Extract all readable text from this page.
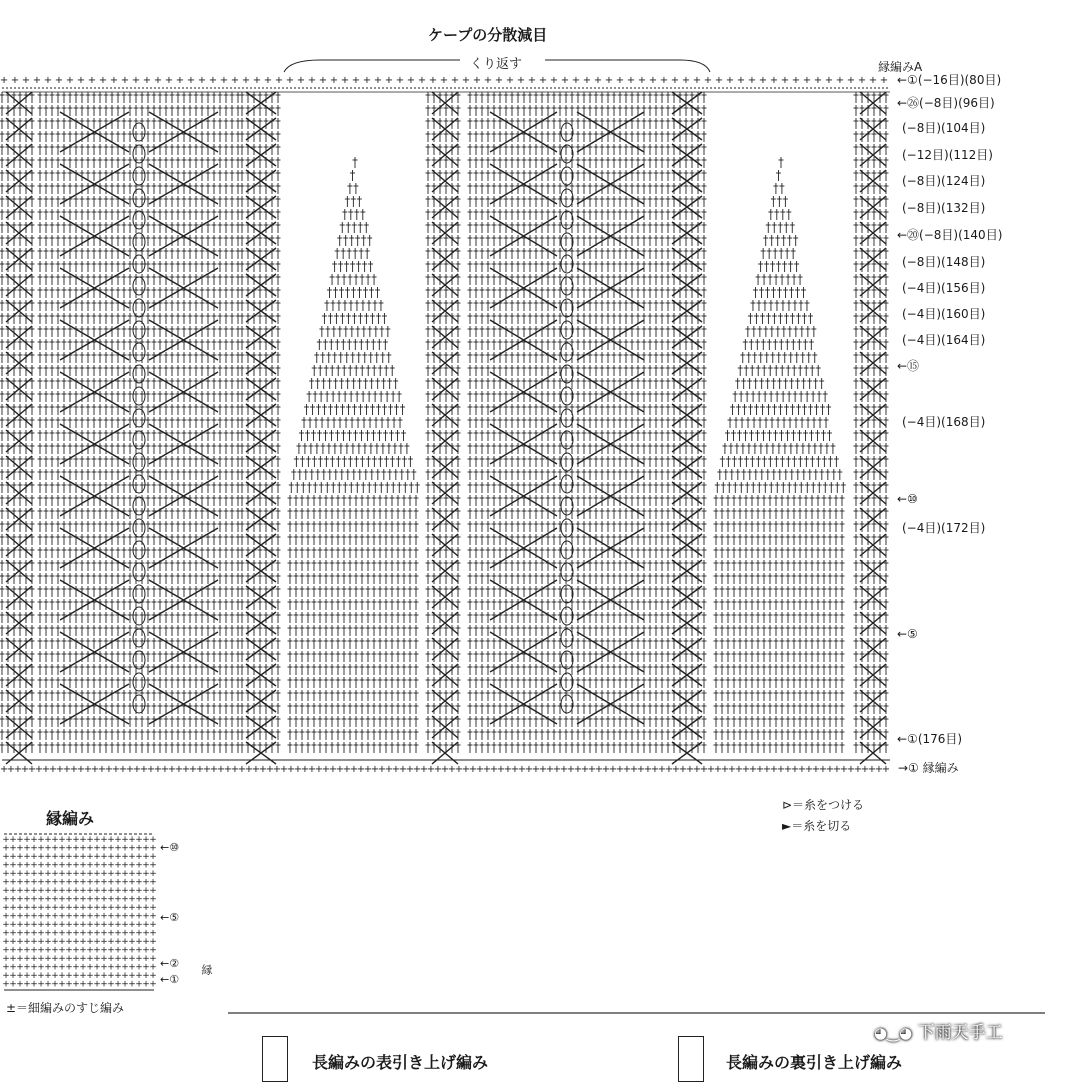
+ + + + + + + + + + + + + + + + + + + + + +
+ + + + + + + + + + + + + + + + + + + + + +
+ + + + + + + + + + + + + + + + + + + + + +
+ + + + + + + + + + + + + + + + + + + + + +
+ + + + + + + + + + + + + + + + + + + + + +
+ + + + + + + + + + + + + + + + + + + + + +
+ + + + + + + + + + + + + + + + + + + + + +
+ + + + + + + + + + + + + + + + + + + + + +
+ + + + + + + + + + + + + + + + + + + + + +
+ + + + + + + + + + + + + + + + + + + + + +
+ + + + + + + + + + + + + + + + + + + + + +
+ + + + + + + + + + + + + + + + + + + + + +
+ + + + + + + + + + + + + + + + + + + + + +
+ + + + + + + + + + + + + + + + + + + + + +
+ + + + + + + + + + + + + + + + + + + + + +
+ + + + + + + + + + + + + + + + + + + + + +
+ + + + + + + + + + + + + + + + + + + + + +
+ + + + + + + + + + + + + + + + + + + + + +
+
+
+
+
+
+
+
+
+
+
+
+
+
+
+
+
+
+
+
+
+
+
+
+
+
+
+
+
+
+
+
+
+
+
+
+
+
+
+
+
+
+
+
+
+
+
+
+
+
+
+
+
+
+
+
+
+
+
+
+
+
+
+
+
+
+
+
+
+
+
+
+
+
+
+
+
+
+
+
+
+
+
+
+
+
+
+
+
+
+
+
+
+
+
+
+
+
+
+
+
+
+
+
+
+
+
+
+
+
+
+
+
+
+
+
+
+
+
+
+
+
+
+
+
+
+
+
+ + + + + + + + + + + + + + + + + + + + + + + + + + + + + + + + + + + + + + + + + + + + + + + + + + + + + + + + + + + + + + + + + + + + + + + + + + + + + + + + +
ケープの分散減目
くり返す	縁編みA
←①(−16目)(80目)
←㉖(−8目)(96目)
(−8目)(104目)
(−12目)(112目)
(−8目)(124目)
(−8目)(132目)
←⑳(−8目)(140目)
(−8目)(148目)
(−4目)(156目)
(−4目)(160目)
(−4目)(164目)
←⑮
(−4目)(168目)
←⑩
(−4目)(172目)
←⑤
←①(176目)
→① 縁編み
⊳＝糸をつける
►＝糸を切る
縁編み
←⑩
←⑤
←②
←①
縁
±＝細編みのすじ編み
長編みの表引き上げ編み	長編みの裏引き上げ編み
◕‿◕ 下雨天手工
